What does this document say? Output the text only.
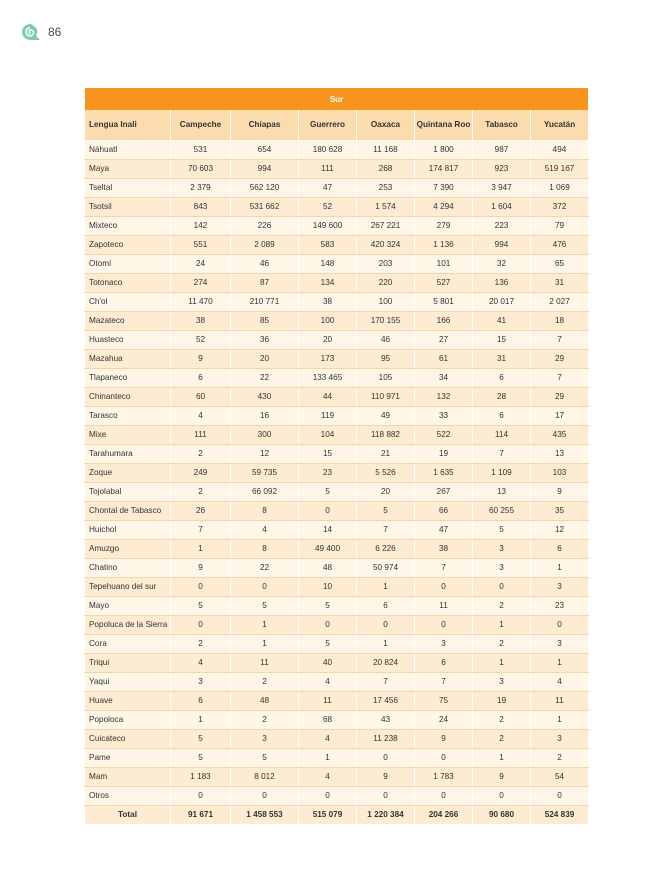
86
Sur							
Lengua Inali	Campeche	Chiapas	Guerrero	Oaxaca	Quintana Roo	Tabasco	Yucatán
Náhuatl	531	654	180 628	11 168	1 800	987	494
Maya	70 603	994	111	268	174 817	923	519 167
Tseltal	2 379	562 120	47	253	7 390	3 947	1 069
Tsotsil	843	531 662	52	1 574	4 294	1 604	372
Mixteco	142	226	149 600	267 221	279	223	79
Zapoteco	551	2 089	583	420 324	1 136	994	476
Otomí	24	46	148	203	101	32	65
Totonaco	274	87	134	220	527	136	31
Ch'ol	11 470	210 771	38	100	5 801	20 017	2 027
Mazateco	38	85	100	170 155	166	41	18
Huasteco	52	36	20	46	27	15	7
Mazahua	9	20	173	95	61	31	29
Tlapaneco	6	22	133 465	105	34	6	7
Chinanteco	60	430	44	110 971	132	28	29
Tarasco	4	16	119	49	33	6	17
Mixe	111	300	104	118 882	522	114	435
Tarahumara	2	12	15	21	19	7	13
Zoque	249	59 735	23	5 526	1 635	1 109	103
Tojolabal	2	66 092	5	20	267	13	9
Chontal de Tabasco	26	8	0	5	66	60 255	35
Huichol	7	4	14	7	47	5	12
Amuzgo	1	8	49 400	6 226	38	3	6
Chatino	9	22	48	50 974	7	3	1
Tepehuano del sur	0	0	10	1	0	0	3
Mayo	5	5	5	6	11	2	23
Popoluca de la Sierra	0	1	0	0	0	1	0
Cora	2	1	5	1	3	2	3
Triqui	4	11	40	20 824	6	1	1
Yaqui	3	2	4	7	7	3	4
Huave	6	48	11	17 456	75	19	11
Popoloca	1	2	68	43	24	2	1
Cuicateco	5	3	4	11 238	9	2	3
Pame	5	5	1	0	0	1	2
Mam	1 183	8 012	4	9	1 783	9	54
Otros	0	0	0	0	0	0	0
Total	91 671	1 458 553	515 079	1 220 384	204 266	90 680	524 839
